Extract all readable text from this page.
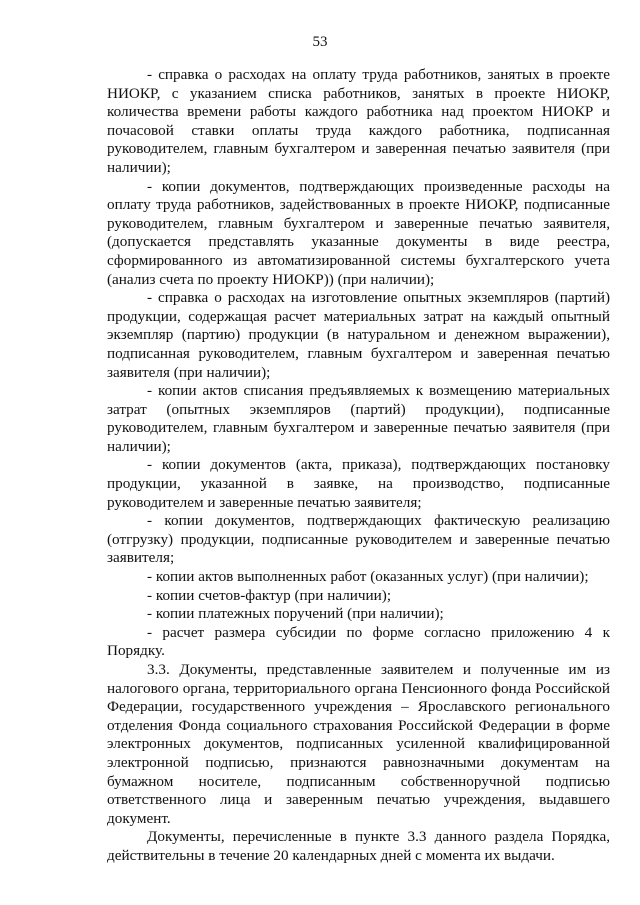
53

- справка о расходах на оплату труда работников, занятых в проекте НИОКР, с указанием списка работников, занятых в проекте НИОКР, количества времени работы каждого работника над проектом НИОКР и почасовой ставки оплаты труда каждого работника, подписанная руководителем, главным бухгалтером и заверенная печатью заявителя (при наличии);

- копии документов, подтверждающих произведенные расходы на оплату труда работников, задействованных в проекте НИОКР, подписанные руководителем, главным бухгалтером и заверенные печатью заявителя, (допускается представлять указанные документы в виде реестра, сформированного из автоматизированной системы бухгалтерского учета (анализ счета по проекту НИОКР)) (при наличии);

- справка о расходах на изготовление опытных экземпляров (партий) продукции, содержащая расчет материальных затрат на каждый опытный экземпляр (партию) продукции (в натуральном и денежном выражении), подписанная руководителем, главным бухгалтером и заверенная печатью заявителя (при наличии);

- копии актов списания предъявляемых к возмещению материальных затрат (опытных экземпляров (партий) продукции), подписанные руководителем, главным бухгалтером и заверенные печатью заявителя (при наличии);

- копии документов (акта, приказа), подтверждающих постановку продукции, указанной в заявке, на производство, подписанные руководителем и заверенные печатью заявителя;

- копии документов, подтверждающих фактическую реализацию (отгрузку) продукции, подписанные руководителем и заверенные печатью заявителя;

- копии актов выполненных работ (оказанных услуг) (при наличии);

- копии счетов-фактур (при наличии);

- копии платежных поручений (при наличии);

- расчет размера субсидии по форме согласно приложению 4 к Порядку.

3.3. Документы, представленные заявителем и полученные им из налогового органа, территориального органа Пенсионного фонда Российской Федерации, государственного учреждения – Ярославского регионального отделения Фонда социального страхования Российской Федерации в форме электронных документов, подписанных усиленной квалифицированной электронной подписью, признаются равнозначными документам на бумажном носителе, подписанным собственноручной подписью ответственного лица и заверенным печатью учреждения, выдавшего документ.

Документы, перечисленные в пункте 3.3 данного раздела Порядка, действительны в течение 20 календарных дней с момента их выдачи.
